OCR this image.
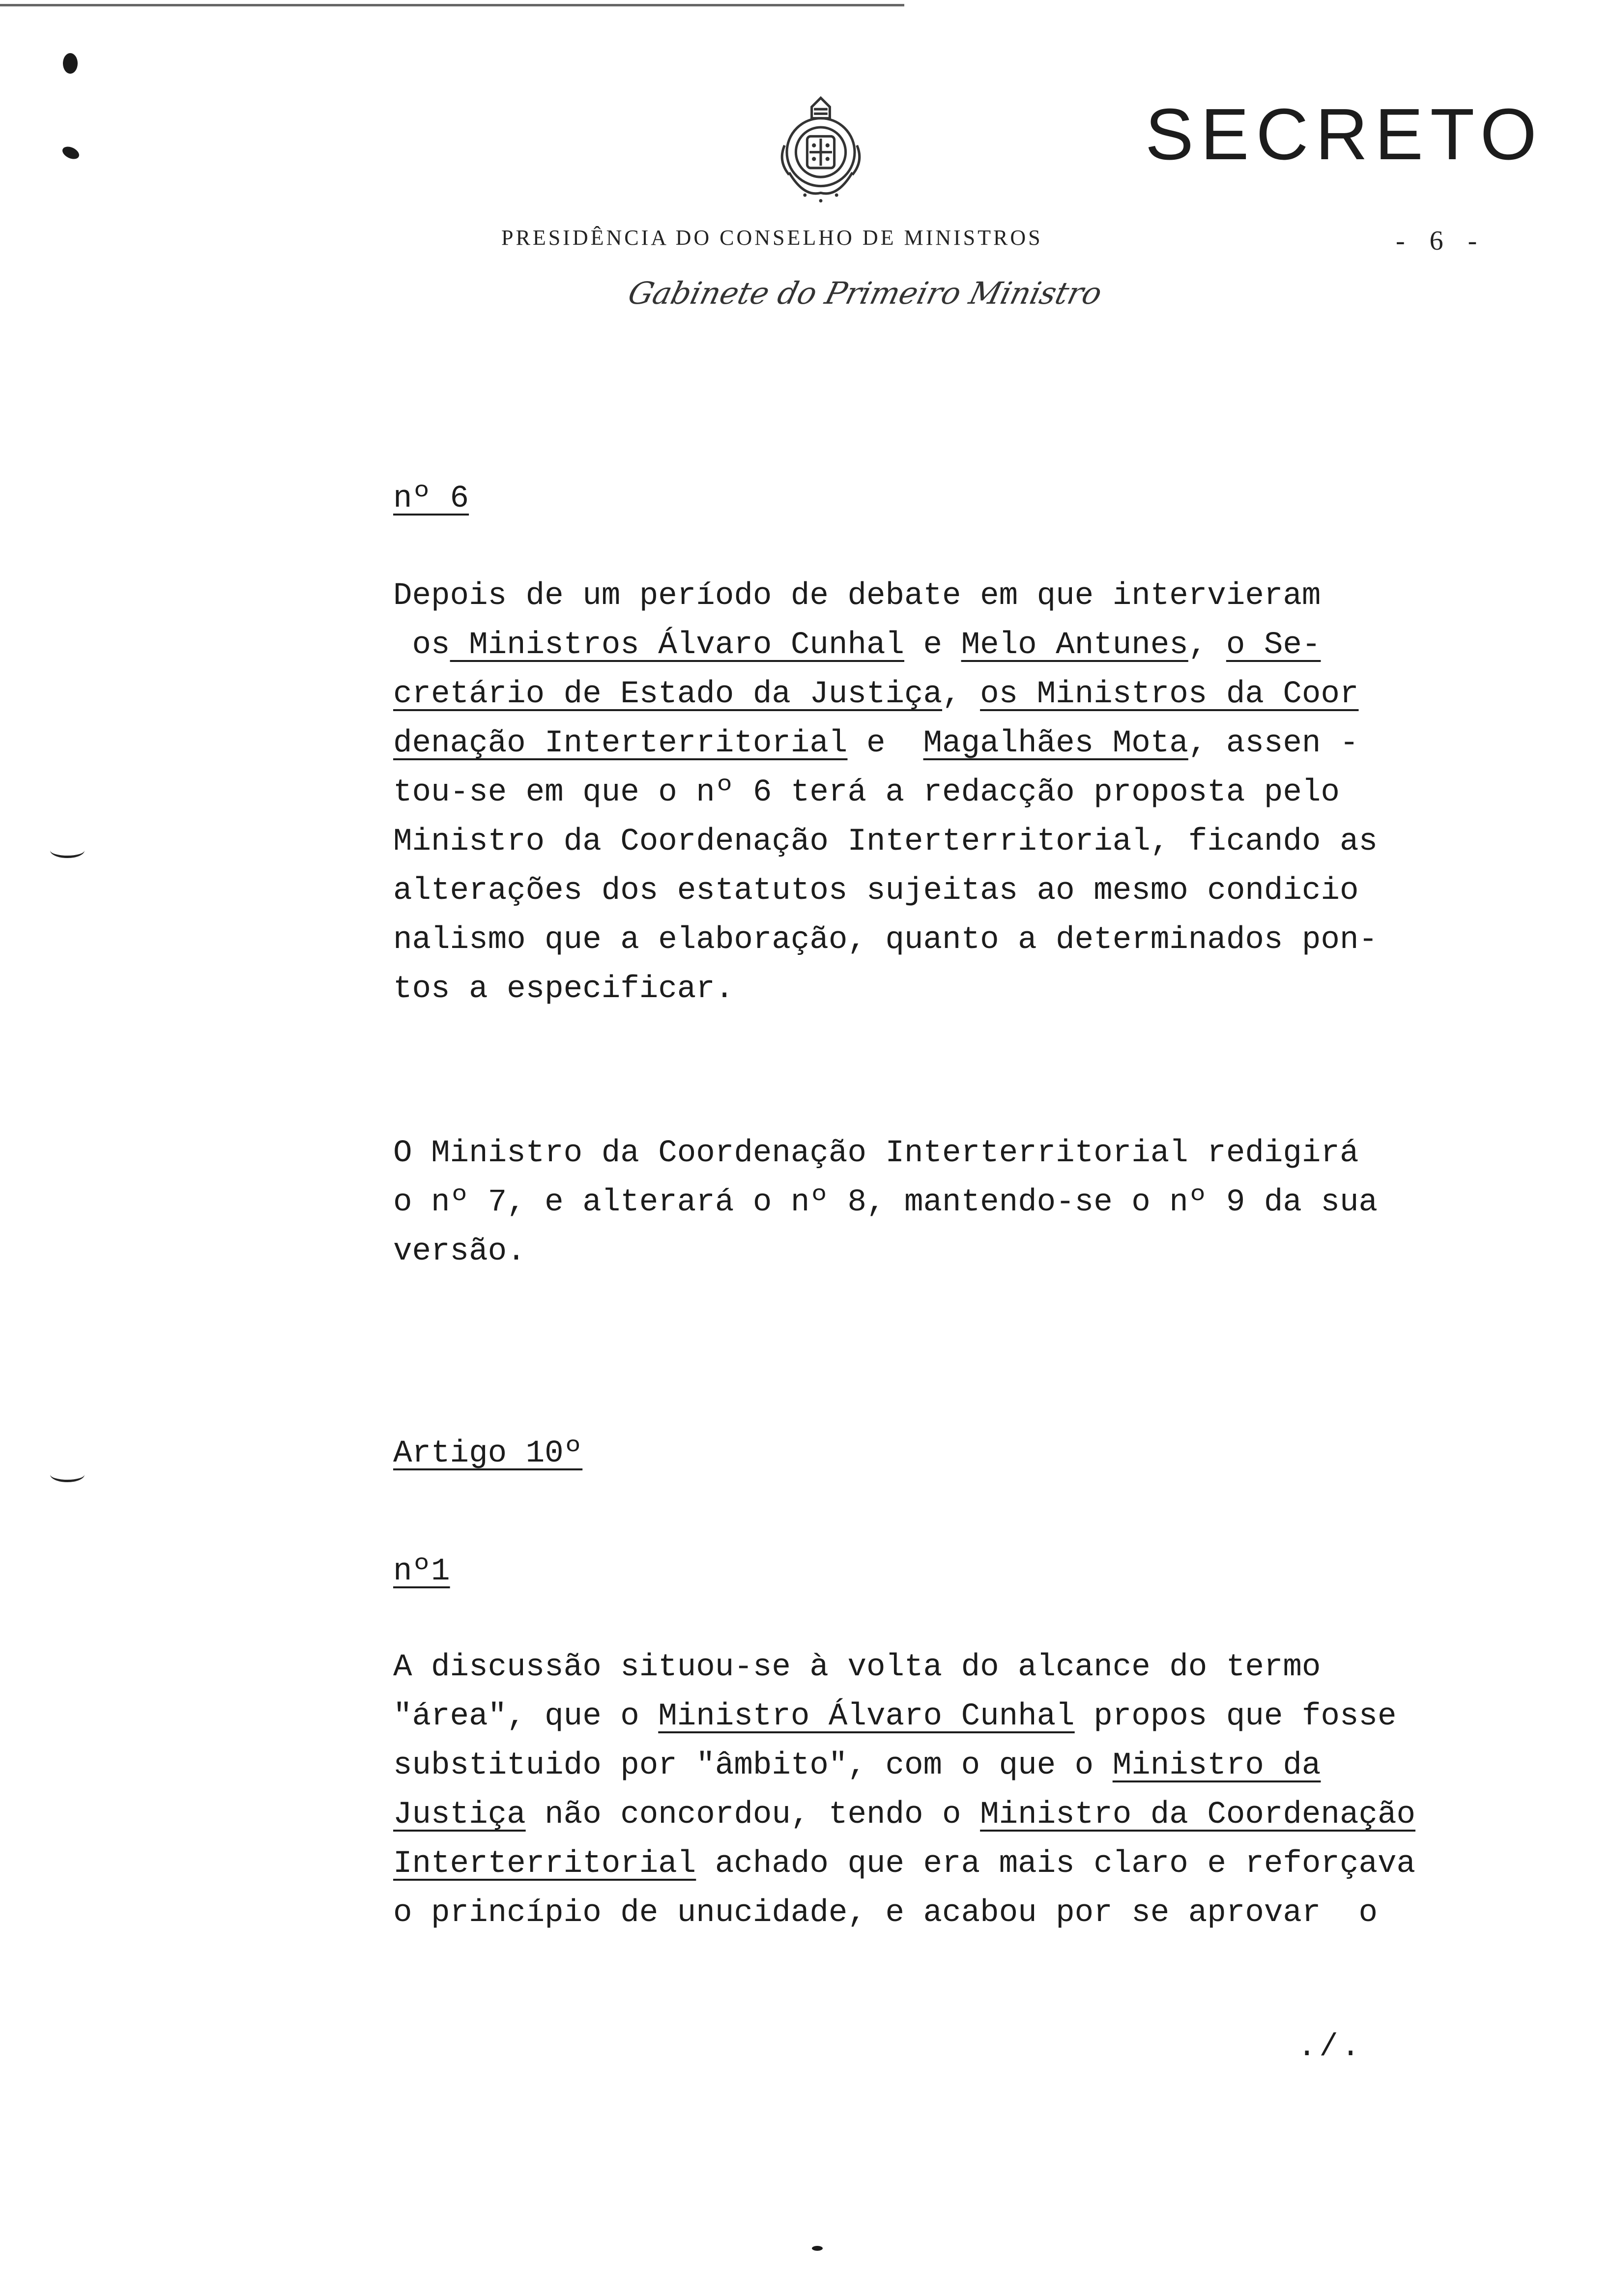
SECRETO
PRESIDÊNCIA DO CONSELHO DE MINISTROS	- 6 -
Gabinete do Primeiro Ministro
nº 6
Depois de um período de debate em que intervieram
os Ministros Álvaro Cunhal e Melo Antunes, o Se-
cretário de Estado da Justiça, os Ministros da Coor
denação Interterritorial e  Magalhães Mota, assen -
tou-se em que o nº 6 terá a redacção proposta pelo
Ministro da Coordenação Interterritorial, ficando as
alterações dos estatutos sujeitas ao mesmo condicio
nalismo que a elaboração, quanto a determinados pon-
tos a especificar.
O Ministro da Coordenação Interterritorial redigirá
o nº 7, e alterará o nº 8, mantendo-se o nº 9 da sua
versão.
Artigo 10º
nº1
A discussão situou-se à volta do alcance do termo
"área", que o Ministro Álvaro Cunhal propos que fosse
substituido por "âmbito", com o que o Ministro da
Justiça não concordou, tendo o Ministro da Coordenação
Interterritorial achado que era mais claro e reforçava
o princípio de unucidade, e acabou por se aprovar  o
./.
